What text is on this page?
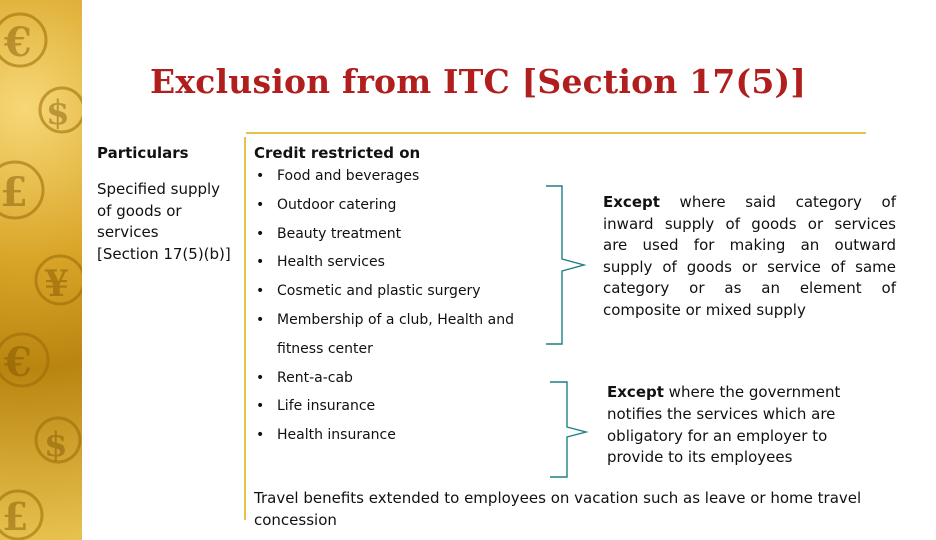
€
$
£
¥
€
$
£
Exclusion from ITC [Section 17(5)]
Particulars	Credit restricted on
Specified supply
of goods or
services
[Section 17(5)(b)]
• Food and beverages
• Outdoor catering
• Beauty treatment
• Health services
• Cosmetic and plastic surgery
• Membership of a club, Health and
fitness center
• Rent-a-cab
• Life insurance
• Health insurance
Except where said category of
inward supply of goods or services
are used for making an outward
supply of goods or service of same
category or as an element of
composite or mixed supply
Except where the government notifies the services which are obligatory for an employer to provide to its employees
Travel benefits extended to employees on vacation such as leave or home travel concession
